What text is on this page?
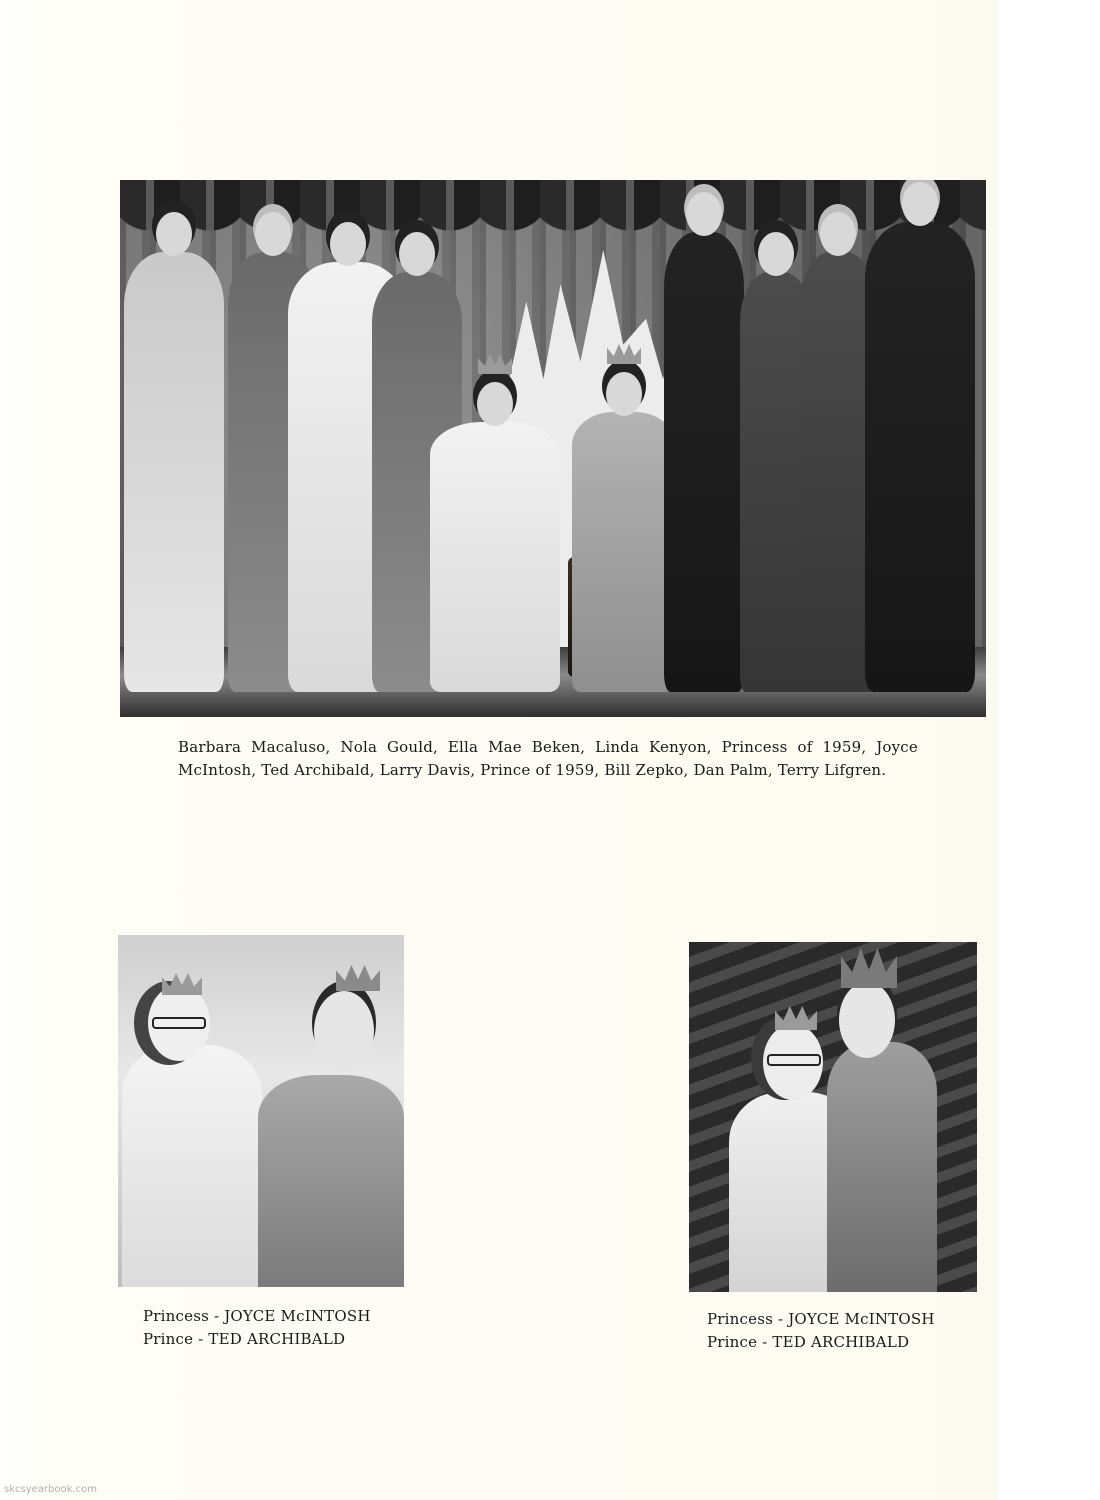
Barbara Macaluso, Nola Gould, Ella Mae Beken, Linda Kenyon, Princess of 1959, Joyce McIntosh, Ted Archibald, Larry Davis, Prince of 1959, Bill Zepko, Dan Palm, Terry Lifgren.
Princess - JOYCE McINTOSH
Prince - TED ARCHIBALD
Princess - JOYCE McINTOSH
Prince - TED ARCHIBALD
skcsyearbook.com
